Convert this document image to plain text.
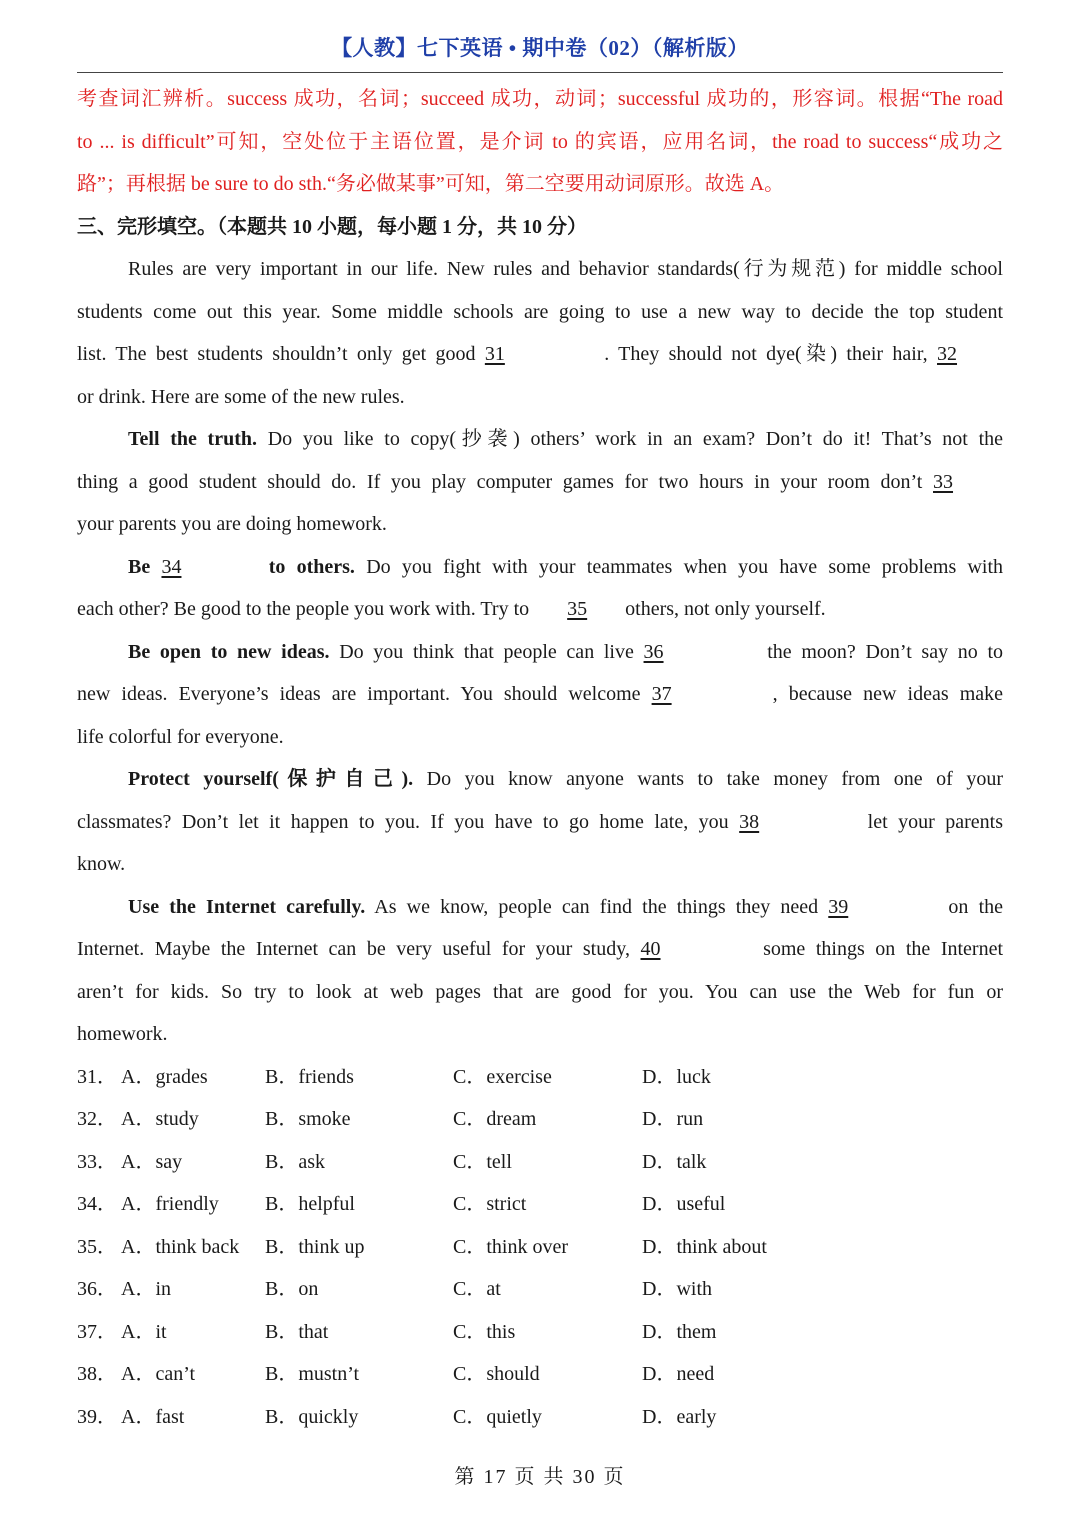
【人教】七下英语 • 期中卷（02）（解析版）
考查词汇辨析。success 成功，名词；succeed 成功，动词；successful 成功的，形容词。根据“The road
to ... is difficult”可知，空处位于主语位置，是介词 to 的宾语，应用名词，the road to success“成功之
路”；再根据 be sure to do sth.“务必做某事”可知，第二空要用动词原形。故选 A。
三、完形填空。（本题共 10 小题，每小题 1 分，共 10 分）
Rules are very important in our life. New rules and behavior standards(行为规范) for middle school
students come out this year. Some middle schools are going to use a new way to decide the top student
list. The best students shouldn’t only get good 31	. They should not dye(染) their hair, 32
or drink. Here are some of the new rules.
Tell the truth. Do you like to copy(抄袭) others’ work in an exam? Don’t do it! That’s not the
thing a good student should do. If you play computer games for two hours in your room don’t 33
your parents you are doing homework.
Be 34	to others. Do you fight with your teammates when you have some problems with
each other? Be good to the people you work with. Try to 35 others, not only yourself.
Be open to new ideas. Do you think that people can live 36	the moon? Don’t say no to
new ideas. Everyone’s ideas are important. You should welcome 37	, because new ideas make
life colorful for everyone.
Protect yourself(保护自己). Do you know anyone wants to take money from one of your
classmates? Don’t let it happen to you. If you have to go home late, you 38	let your parents
know.
Use the Internet carefully. As we know, people can find the things they need 39	on the
Internet. Maybe the Internet can be very useful for your study, 40	some things on the Internet
aren’t for kids. So try to look at web pages that are good for you. You can use the Web for fun or
homework.
31． A．grades	B．friends	C．exercise	D．luck
32． A．study	B．smoke	C．dream	D．run
33． A．say	B．ask	C．tell	D．talk
34． A．friendly B．helpful	C．strict	D．useful
35． A．think back B．think up	C．think over	D．think about
36． A．in	B．on	C．at	D．with
37． A．it	B．that	C．this	D．them
38． A．can’t	B．mustn’t	C．should	D．need
39． A．fast	B．quickly	C．quietly	D．early
第 17 页 共 30 页
